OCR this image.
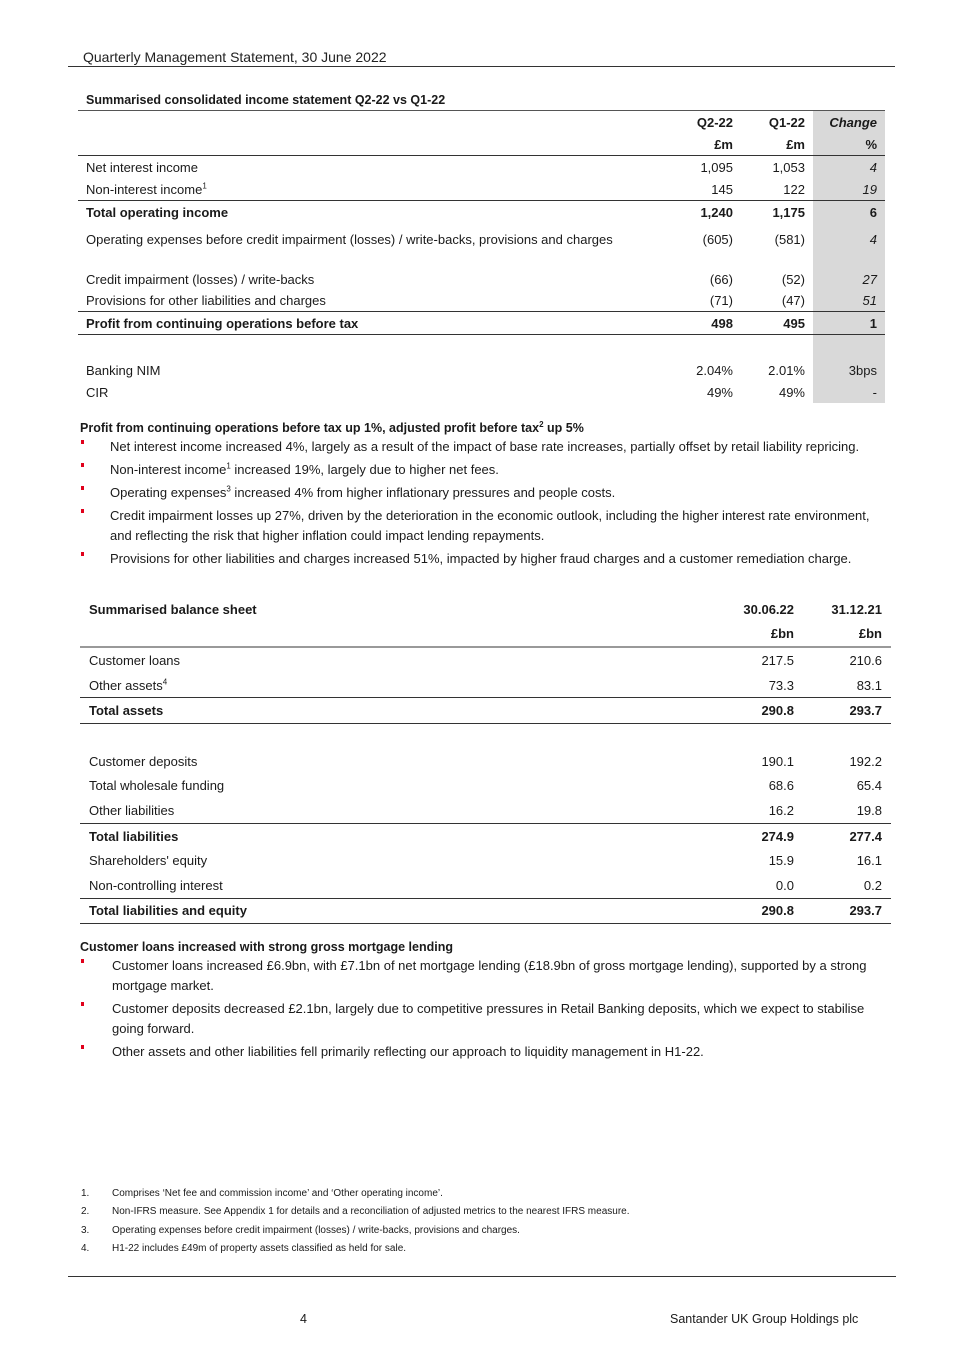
Quarterly Management Statement, 30 June 2022
Summarised consolidated income statement Q2-22 vs Q1-22
	Q2-22	Q1-22	Change
	£m	£m	%
Net interest income	1,095	1,053	4
Non-interest income$^1$	145	122	19
Total operating income	1,240	1,175	6
Operating expenses before credit impairment (losses) / write-backs, provisions and charges	(605)	(581)	4
Credit impairment (losses) / write-backs	(66)	(52)	27
Provisions for other liabilities and charges	(71)	(47)	51
Profit from continuing operations before tax	498	495	1

Banking NIM	2.04%	2.01%	3bps
CIR	49%	49%	-
Profit from continuing operations before tax up 1%, adjusted profit before tax$^2$ up 5%
Net interest income increased 4%, largely as a result of the impact of base rate increases, partially offset by retail liability repricing.
Non-interest income$^1$ increased 19%, largely due to higher net fees.
Operating expenses$^3$ increased 4% from higher inflationary pressures and people costs.
Credit impairment losses up 27%, driven by the deterioration in the economic outlook, including the higher interest rate environment, and reflecting the risk that higher inflation could impact lending repayments.
Provisions for other liabilities and charges increased 51%, impacted by higher fraud charges and a customer remediation charge.
Summarised balance sheet	30.06.22	31.12.21
	£bn	£bn
Customer loans	217.5	210.6
Other assets$^4$	73.3	83.1
Total assets	290.8	293.7

Customer deposits	190.1	192.2
Total wholesale funding	68.6	65.4
Other liabilities	16.2	19.8
Total liabilities	274.9	277.4
Shareholders' equity	15.9	16.1
Non-controlling interest	0.0	0.2
Total liabilities and equity	290.8	293.7
Customer loans increased with strong gross mortgage lending
Customer loans increased £6.9bn, with £7.1bn of net mortgage lending (£18.9bn of gross mortgage lending), supported by a strong mortgage market.
Customer deposits decreased £2.1bn, largely due to competitive pressures in Retail Banking deposits, which we expect to stabilise going forward.
Other assets and other liabilities fell primarily reflecting our approach to liquidity management in H1-22.
1.	Comprises ‘Net fee and commission income’ and ‘Other operating income’.
2.	Non-IFRS measure. See Appendix 1 for details and a reconciliation of adjusted metrics to the nearest IFRS measure.
3.	Operating expenses before credit impairment (losses) / write-backs, provisions and charges.
4.	H1-22 includes £49m of property assets classified as held for sale.
4	Santander UK Group Holdings plc
